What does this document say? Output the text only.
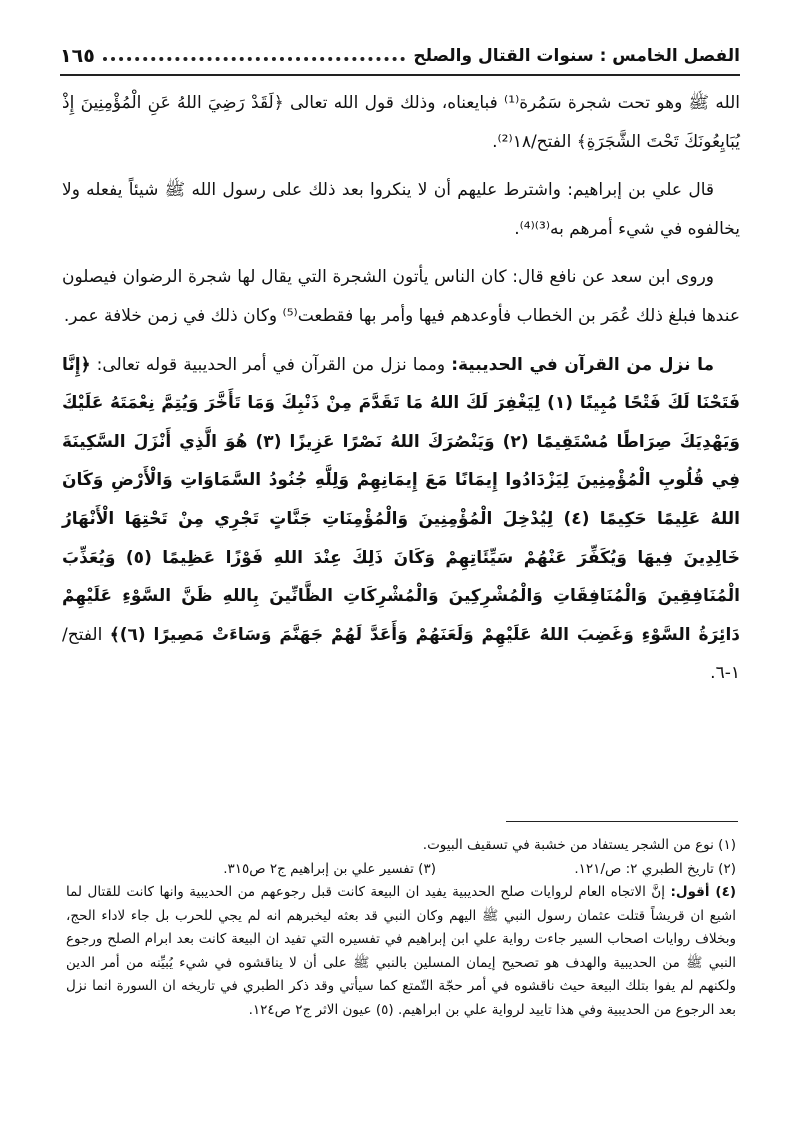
الفصل الخامس : سنوات القتال والصلح
١٦٥

الله ﷺ وهو تحت شجرة سَمُرة⁽¹⁾ فبايعناه، وذلك قول الله تعالى ﴿لَقَدْ رَضِيَ اللهُ عَنِ الْمُؤْمِنِينَ إِذْ يُبَايِعُونَكَ تَحْتَ الشَّجَرَةِ﴾ الفتح/١٨⁽²⁾.

قال علي بن إبراهيم: واشترط عليهم أن لا ينكروا بعد ذلك على رسول الله ﷺ شيئاً يفعله ولا يخالفوه في شيء أمرهم به⁽³⁾⁽⁴⁾.

وروى ابن سعد عن نافع قال: كان الناس يأتون الشجرة التي يقال لها شجرة الرضوان فيصلون عندها فبلغ ذلك عُمَر بن الخطاب فأوعدهم فيها وأمر بها فقطعت⁽⁵⁾ وكان ذلك في زمن خلافة عمر.

ما نزل من القرآن في الحديبية: ومما نزل من القرآن في أمر الحديبية قوله تعالى: ﴿إِنَّا فَتَحْنَا لَكَ فَتْحًا مُبِينًا (١) لِيَغْفِرَ لَكَ اللهُ مَا تَقَدَّمَ مِنْ ذَنْبِكَ وَمَا تَأَخَّرَ وَيُتِمَّ نِعْمَتَهُ عَلَيْكَ وَيَهْدِيَكَ صِرَاطًا مُسْتَقِيمًا (٢) وَيَنْصُرَكَ اللهُ نَصْرًا عَزِيزًا (٣) هُوَ الَّذِي أَنْزَلَ السَّكِينَةَ فِي قُلُوبِ الْمُؤْمِنِينَ لِيَزْدَادُوا إِيمَانًا مَعَ إِيمَانِهِمْ وَلِلَّهِ جُنُودُ السَّمَاوَاتِ وَالْأَرْضِ وَكَانَ اللهُ عَلِيمًا حَكِيمًا (٤) لِيُدْخِلَ الْمُؤْمِنِينَ وَالْمُؤْمِنَاتِ جَنَّاتٍ تَجْرِي مِنْ تَحْتِهَا الْأَنْهَارُ خَالِدِينَ فِيهَا وَيُكَفِّرَ عَنْهُمْ سَيِّئَاتِهِمْ وَكَانَ ذَلِكَ عِنْدَ اللهِ فَوْزًا عَظِيمًا (٥) وَيُعَذِّبَ الْمُنَافِقِينَ وَالْمُنَافِقَاتِ وَالْمُشْرِكِينَ وَالْمُشْرِكَاتِ الظَّانِّينَ بِاللهِ ظَنَّ السَّوْءِ عَلَيْهِمْ دَائِرَةُ السَّوْءِ وَغَضِبَ اللهُ عَلَيْهِمْ وَلَعَنَهُمْ وَأَعَدَّ لَهُمْ جَهَنَّمَ وَسَاءَتْ مَصِيرًا (٦)﴾ الفتح/١-٦.

(١) نوع من الشجر يستفاد من خشبة في تسقيف البيوت.

(٢) تاريخ الطبري ٢: ص/١٢١.
(٣) تفسير علي بن إبراهيم ج٢ ص٣١٥.

(٤) أقول: إنَّ الاتجاه العام لروايات صلح الحديبية يفيد ان البيعة كانت قبل رجوعهم من الحديبية وانها كانت للقتال لما اشيع ان قريشاً قتلت عثمان رسول النبي ﷺ اليهم وكان النبي قد بعثه ليخبرهم انه لم يجي للحرب بل جاء لاداء الحج، وبخلاف روايات اصحاب السير جاءت رواية علي ابن إبراهيم في تفسيره التي تفيد ان البيعة كانت بعد ابرام الصلح ورجوع النبي ﷺ من الحديبية والهدف هو تصحيح إيمان المسلين بالنبي ﷺ على أن لا يناقشوه في شيء يُبيِّنه من أمر الدين ولكنهم لم يفوا بتلك البيعة حيث ناقشوه في أمر حجّة التّمتع كما سيأتي وقد ذكر الطبري في تاريخه ان السورة انما نزل بعد الرجوع من الحديبية وفي هذا تاييد لرواية علي بن ابراهيم. (٥) عيون الاثر ج٢ ص١٢٤.
